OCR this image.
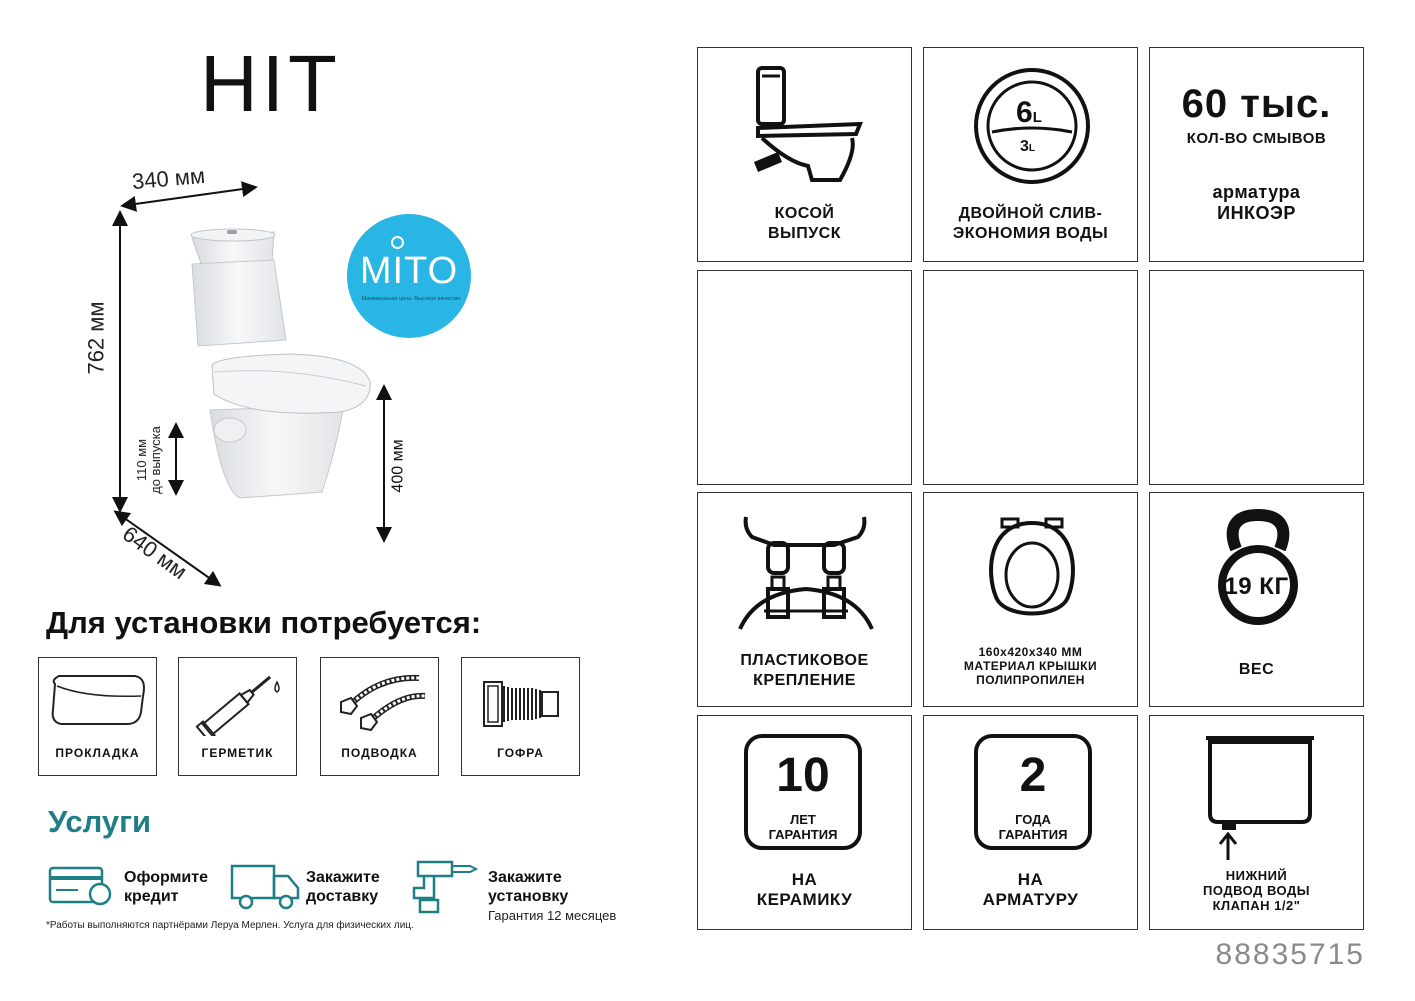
HIT
340 мм
762 мм
640 мм
400 мм
110 мм до выпуска
MITO
Минимальная цена. Высокое качество
Для установки потребуется:
ПРОКЛАДКА	ГЕРМЕТИК	ПОДВОДКА	ГОФРА
Услуги
Оформите
кредит
Закажите
доставку
Закажите
установку
Гарантия 12 месяцев
*Работы выполняются партнёрами Леруа Мерлен. Услуга для физических лиц.
КОСОЙ
ВЫПУСК
6L
3L
ДВОЙНОЙ СЛИВ-
ЭКОНОМИЯ ВОДЫ
60 тыс.
КОЛ-ВО СМЫВОВ
арматура
ИНКОЭР
ПЛАСТИКОВОЕ
КРЕПЛЕНИЕ
160x420x340 ММ
МАТЕРИАЛ КРЫШКИ
ПОЛИПРОПИЛЕН
19 КГ
ВЕС
10
ЛЕТ
ГАРАНТИЯ
НА
КЕРАМИКУ
2
ГОДА
ГАРАНТИЯ
НА
АРМАТУРУ
НИЖНИЙ
ПОДВОД ВОДЫ
КЛАПАН 1/2"
88835715
